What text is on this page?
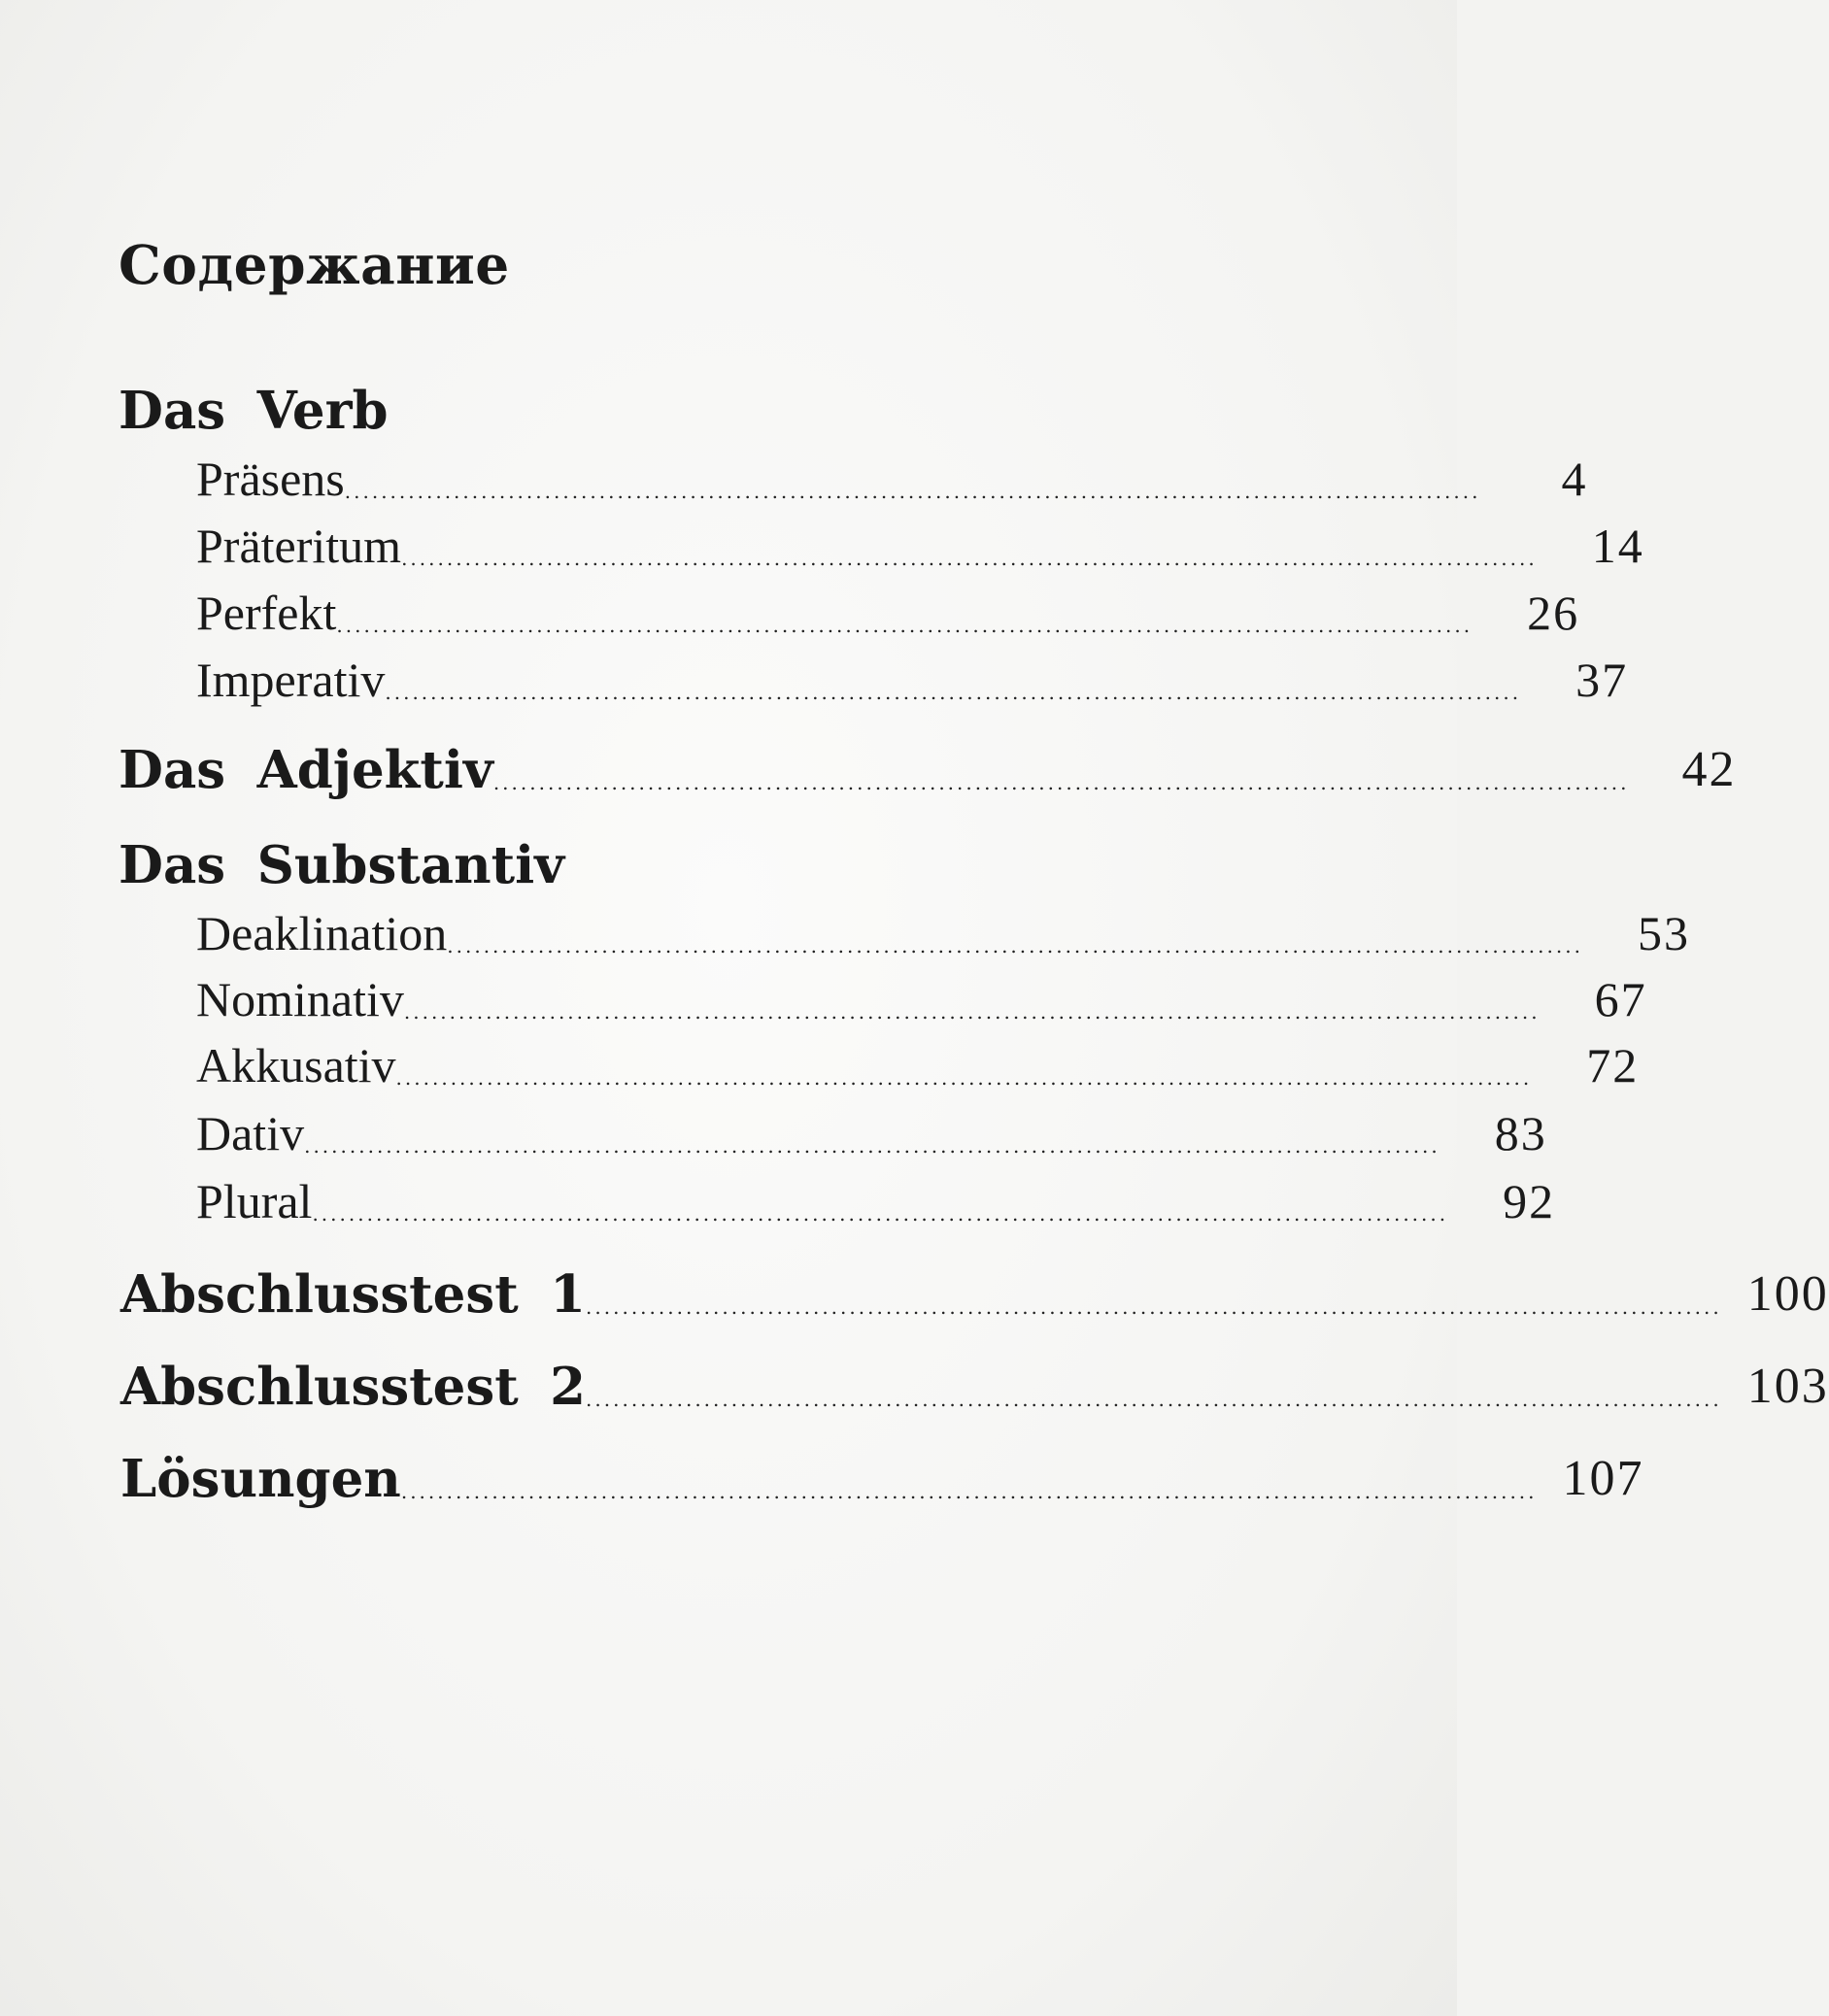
Содержание
Das Verb
Präsens .............................................................................................................................	4
Präteritum .............................................................................................................................	14
Perfekt .............................................................................................................................	26
Imperativ .............................................................................................................................	37
Das Adjektiv .............................................................................................................................	42
Das Substantiv
Deaklination .............................................................................................................................	53
Nominativ .............................................................................................................................	67
Akkusativ .............................................................................................................................	72
Dativ .............................................................................................................................	83
Plural .............................................................................................................................	92
Abschlusstest 1 ............................................................................................................................. 100
Abschlusstest 2 ............................................................................................................................. 103
Lösungen ............................................................................................................................. 107
